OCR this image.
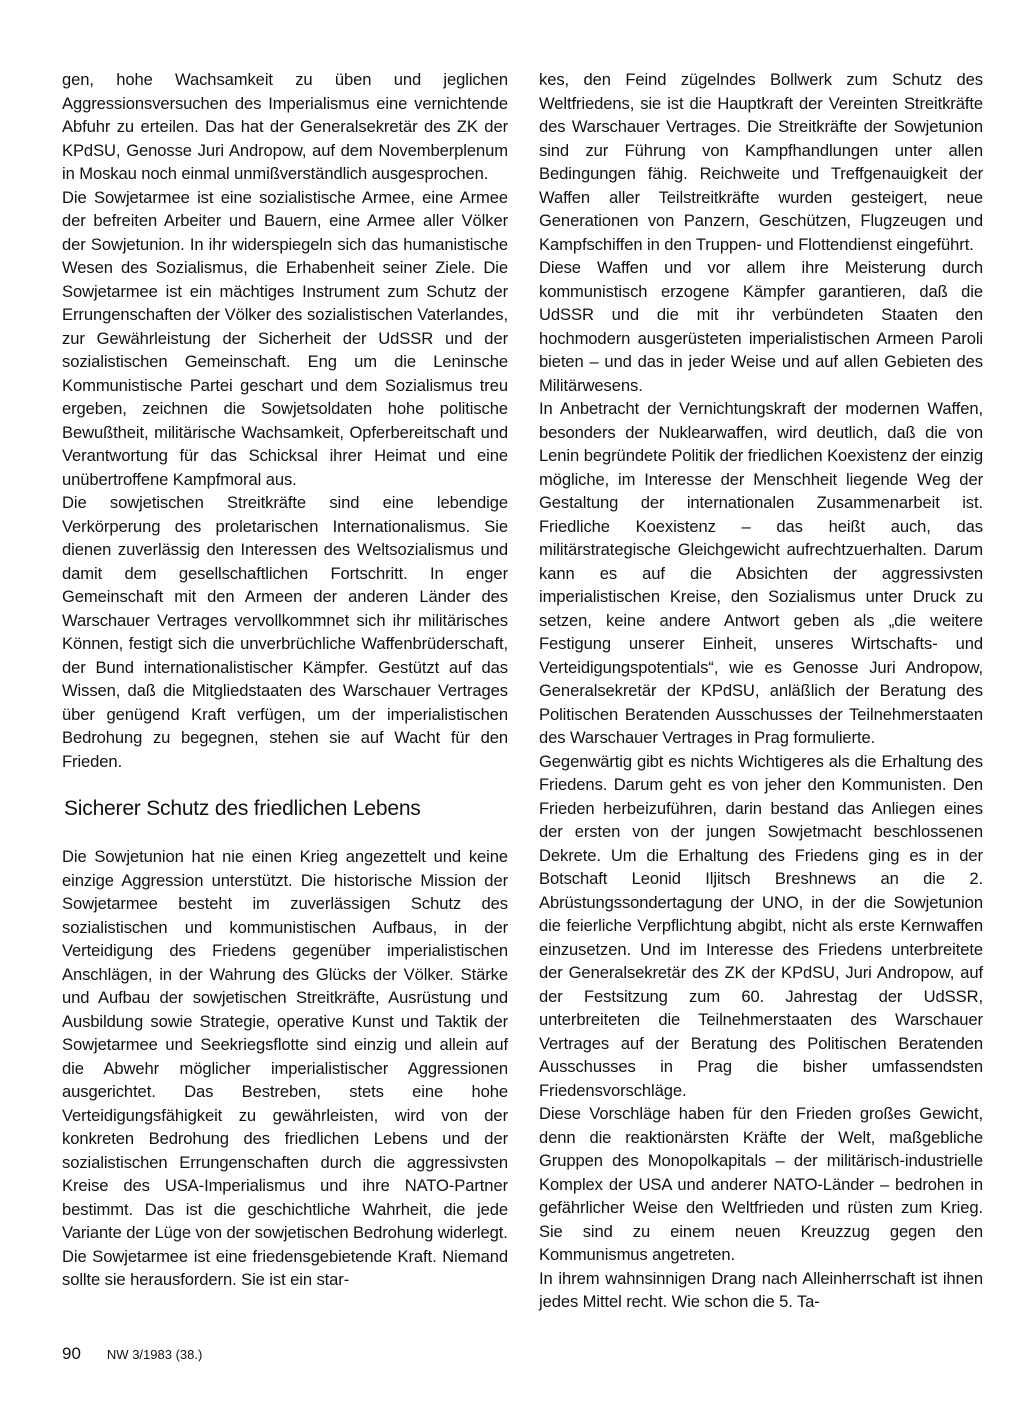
gen, hohe Wachsamkeit zu üben und jeglichen Aggressionsversuchen des Imperialismus eine vernichtende Abfuhr zu erteilen. Das hat der Generalsekretär des ZK der KPdSU, Genosse Juri Andropow, auf dem Novemberplenum in Moskau noch einmal unmißverständlich ausgesprochen.

Die Sowjetarmee ist eine sozialistische Armee, eine Armee der befreiten Arbeiter und Bauern, eine Armee aller Völker der Sowjetunion. In ihr widerspiegeln sich das humanistische Wesen des Sozialismus, die Erhabenheit seiner Ziele. Die Sowjetarmee ist ein mächtiges Instrument zum Schutz der Errungenschaften der Völker des sozialistischen Vaterlandes, zur Gewährleistung der Sicherheit der UdSSR und der sozialistischen Gemeinschaft. Eng um die Leninsche Kommunistische Partei geschart und dem Sozialismus treu ergeben, zeichnen die Sowjetsoldaten hohe politische Bewußtheit, militärische Wachsamkeit, Opferbereitschaft und Verantwortung für das Schicksal ihrer Heimat und eine unübertroffene Kampfmoral aus.

Die sowjetischen Streitkräfte sind eine lebendige Verkörperung des proletarischen Internationalismus. Sie dienen zuverlässig den Interessen des Weltsozialismus und damit dem gesellschaftlichen Fortschritt. In enger Gemeinschaft mit den Armeen der anderen Länder des Warschauer Vertrages vervollkommnet sich ihr militärisches Können, festigt sich die unverbrüchliche Waffenbrüderschaft, der Bund internationalistischer Kämpfer. Gestützt auf das Wissen, daß die Mitgliedstaaten des Warschauer Vertrages über genügend Kraft verfügen, um der imperialistischen Bedrohung zu begegnen, stehen sie auf Wacht für den Frieden.

Sicherer Schutz des friedlichen Lebens

Die Sowjetunion hat nie einen Krieg angezettelt und keine einzige Aggression unterstützt. Die historische Mission der Sowjetarmee besteht im zuverlässigen Schutz des sozialistischen und kommunistischen Aufbaus, in der Verteidigung des Friedens gegenüber imperialistischen Anschlägen, in der Wahrung des Glücks der Völker. Stärke und Aufbau der sowjetischen Streitkräfte, Ausrüstung und Ausbildung sowie Strategie, operative Kunst und Taktik der Sowjetarmee und Seekriegsflotte sind einzig und allein auf die Abwehr möglicher imperialistischer Aggressionen ausgerichtet. Das Bestreben, stets eine hohe Verteidigungsfähigkeit zu gewährleisten, wird von der konkreten Bedrohung des friedlichen Lebens und der sozialistischen Errungenschaften durch die aggressivsten Kreise des USA-Imperialismus und ihre NATO-Partner bestimmt. Das ist die geschichtliche Wahrheit, die jede Variante der Lüge von der sowjetischen Bedrohung widerlegt.

Die Sowjetarmee ist eine friedensgebietende Kraft. Niemand sollte sie herausfordern. Sie ist ein star-

kes, den Feind zügelndes Bollwerk zum Schutz des Weltfriedens, sie ist die Hauptkraft der Vereinten Streitkräfte des Warschauer Vertrages. Die Streitkräfte der Sowjetunion sind zur Führung von Kampfhandlungen unter allen Bedingungen fähig. Reichweite und Treffgenauigkeit der Waffen aller Teilstreitkräfte wurden gesteigert, neue Generationen von Panzern, Geschützen, Flugzeugen und Kampfschiffen in den Truppen- und Flottendienst eingeführt.

Diese Waffen und vor allem ihre Meisterung durch kommunistisch erzogene Kämpfer garantieren, daß die UdSSR und die mit ihr verbündeten Staaten den hochmodern ausgerüsteten imperialistischen Armeen Paroli bieten – und das in jeder Weise und auf allen Gebieten des Militärwesens.

In Anbetracht der Vernichtungskraft der modernen Waffen, besonders der Nuklearwaffen, wird deutlich, daß die von Lenin begründete Politik der friedlichen Koexistenz der einzig mögliche, im Interesse der Menschheit liegende Weg der Gestaltung der internationalen Zusammenarbeit ist. Friedliche Koexistenz – das heißt auch, das militärstrategische Gleichgewicht aufrechtzuerhalten. Darum kann es auf die Absichten der aggressivsten imperialistischen Kreise, den Sozialismus unter Druck zu setzen, keine andere Antwort geben als „die weitere Festigung unserer Einheit, unseres Wirtschafts- und Verteidigungspotentials“, wie es Genosse Juri Andropow, Generalsekretär der KPdSU, anläßlich der Beratung des Politischen Beratenden Ausschusses der Teilnehmerstaaten des Warschauer Vertrages in Prag formulierte.

Gegenwärtig gibt es nichts Wichtigeres als die Erhaltung des Friedens. Darum geht es von jeher den Kommunisten. Den Frieden herbeizuführen, darin bestand das Anliegen eines der ersten von der jungen Sowjetmacht beschlossenen Dekrete. Um die Erhaltung des Friedens ging es in der Botschaft Leonid Iljitsch Breshnews an die 2. Abrüstungssondertagung der UNO, in der die Sowjetunion die feierliche Verpflichtung abgibt, nicht als erste Kernwaffen einzusetzen. Und im Interesse des Friedens unterbreitete der Generalsekretär des ZK der KPdSU, Juri Andropow, auf der Festsitzung zum 60. Jahrestag der UdSSR, unterbreiteten die Teilnehmerstaaten des Warschauer Vertrages auf der Beratung des Politischen Beratenden Ausschusses in Prag die bisher umfassendsten Friedensvorschläge.

Diese Vorschläge haben für den Frieden großes Gewicht, denn die reaktionärsten Kräfte der Welt, maßgebliche Gruppen des Monopolkapitals – der militärisch-industrielle Komplex der USA und anderer NATO-Länder – bedrohen in gefährlicher Weise den Weltfrieden und rüsten zum Krieg. Sie sind zu einem neuen Kreuzzug gegen den Kommunismus angetreten.

In ihrem wahnsinnigen Drang nach Alleinherrschaft ist ihnen jedes Mittel recht. Wie schon die 5. Ta-

90 NW 3/1983 (38.)
